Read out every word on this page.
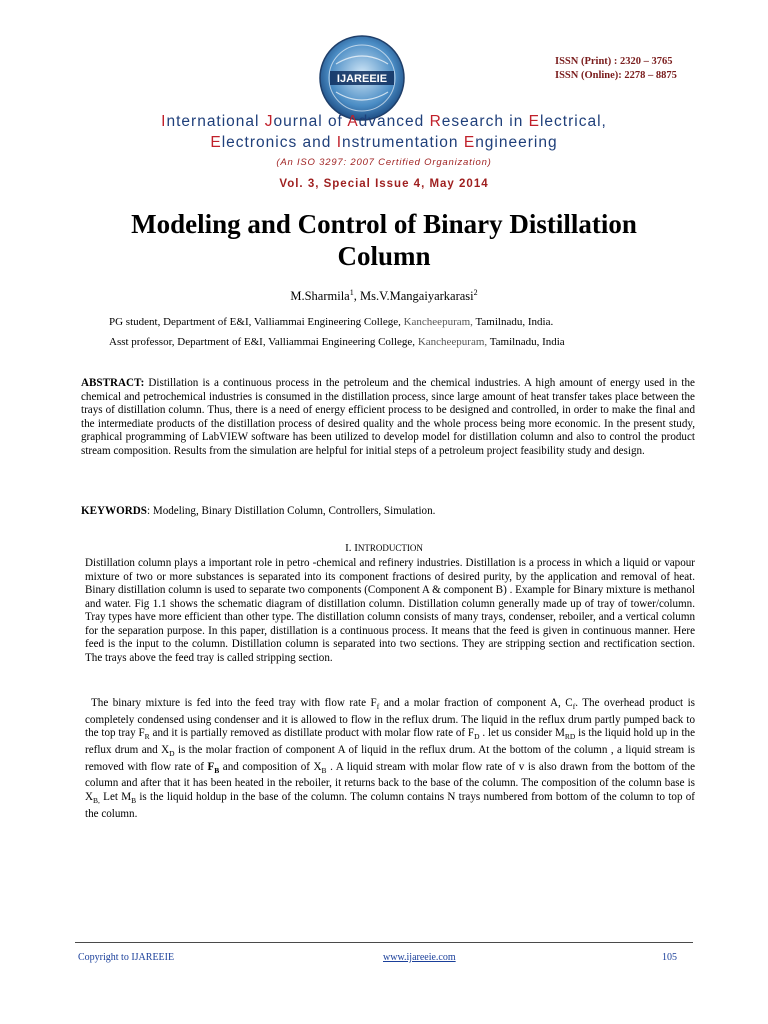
IJAREEIE
ISSN (Print) : 2320 – 3765
ISSN (Online): 2278 – 8875
International Journal of Advanced Research in Electrical,
Electronics and Instrumentation Engineering
(An ISO 3297: 2007 Certified Organization)
Vol. 3, Special Issue 4, May 2014
Modeling and Control of Binary Distillation
Column
M.Sharmila$^1$, Ms.V.Mangaiyarkarasi$^2$
PG student, Department of E&I, Valliammai Engineering College, Kancheepuram, Tamilnadu, India.
Asst professor, Department of E&I, Valliammai Engineering College, Kancheepuram, Tamilnadu, India
ABSTRACT: Distillation is a continuous process in the petroleum and the chemical industries. A high amount of energy used in the chemical and petrochemical industries is consumed in the distillation process, since large amount of heat transfer takes place between the trays of distillation column. Thus, there is a need of energy efficient process to be designed and controlled, in order to make the final and the intermediate products of the distillation process of desired quality and the whole process being more economic. In the present study, graphical programming of LabVIEW software has been utilized to develop model for distillation column and also to control the product stream composition. Results from the simulation are helpful for initial steps of a petroleum project feasibility study and design.
KEYWORDS: Modeling, Binary Distillation Column, Controllers, Simulation.
I. INTRODUCTION
Distillation column plays a important role in petro -chemical and refinery industries. Distillation is a process in which a liquid or vapour mixture of two or more substances is separated into its component fractions of desired purity, by the application and removal of heat. Binary distillation column is used to separate two components (Component A & component B) . Example for Binary mixture is methanol and water. Fig 1.1 shows the schematic diagram of distillation column. Distillation column generally made up of tray of tower/column. Tray types have more efficient than other type. The distillation column consists of many trays, condenser, reboiler, and a vertical column for the separation purpose. In this paper, distillation is a continuous process. It means that the feed is given in continuous manner. Here feed is the input to the column. Distillation column is separated into two sections. They are stripping section and rectification section. The trays above the feed tray is called stripping section.
The binary mixture is fed into the feed tray with flow rate $F_f$ and a molar fraction of component A, $C_f$. The overhead product is completely condensed using condenser and it is allowed to flow in the reflux drum. The liquid in the reflux drum partly pumped back to the top tray $F_R$ and it is partially removed as distillate product with molar flow rate of $F_D$ . let us consider $M_{RD}$ is the liquid hold up in the reflux drum and $X_D$ is the molar fraction of component A of liquid in the reflux drum. At the bottom of the column , a liquid stream is removed with flow rate of $F_B$ and composition of $X_B$ . A liquid stream with molar flow rate of v is also drawn from the bottom of the column and after that it has been heated in the reboiler, it returns back to the base of the column. The composition of the column base is $X_{B,}$ Let $M_B$ is the liquid holdup in the base of the column. The column contains N trays numbered from bottom of the column to top of the column.
Copyright to IJAREEIE	www.ijareeie.com	105
